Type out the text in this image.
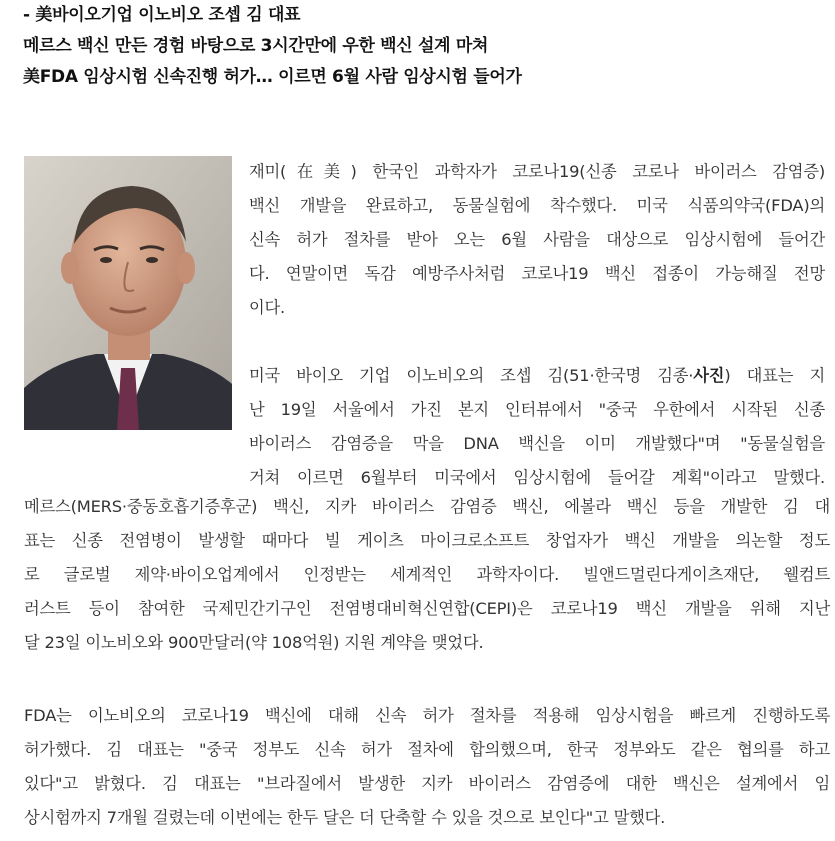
- 美바이오기업 이노비오 조셉 김 대표
메르스 백신 만든 경험 바탕으로 3시간만에 우한 백신 설계 마쳐
美FDA 임상시험 신속진행 허가… 이르면 6월 사람 임상시험 들어가
재미(在美) 한국인 과학자가 코로나19(신종 코로나 바이러스 감염증)
백신 개발을 완료하고, 동물실험에 착수했다. 미국 식품의약국(FDA)의
신속 허가 절차를 받아 오는 6월 사람을 대상으로 임상시험에 들어간
다. 연말이면 독감 예방주사처럼 코로나19 백신 접종이 가능해질 전망
이다.
미국 바이오 기업 이노비오의 조셉 김(51·한국명 김종·사진) 대표는 지
난 19일 서울에서 가진 본지 인터뷰에서 "중국 우한에서 시작된 신종
바이러스 감염증을 막을 DNA 백신을 이미 개발했다"며 "동물실험을
거쳐 이르면 6월부터 미국에서 임상시험에 들어갈 계획"이라고 말했다.
메르스(MERS·중동호흡기증후군) 백신, 지카 바이러스 감염증 백신, 에볼라 백신 등을 개발한 김 대
표는 신종 전염병이 발생할 때마다 빌 게이츠 마이크로소프트 창업자가 백신 개발을 의논할 정도
로 글로벌 제약·바이오업계에서 인정받는 세계적인 과학자이다. 빌앤드멀린다게이츠재단, 웰컴트
러스트 등이 참여한 국제민간기구인 전염병대비혁신연합(CEPI)은 코로나19 백신 개발을 위해 지난
달 23일 이노비오와 900만달러(약 108억원) 지원 계약을 맺었다.
FDA는 이노비오의 코로나19 백신에 대해 신속 허가 절차를 적용해 임상시험을 빠르게 진행하도록
허가했다. 김 대표는 "중국 정부도 신속 허가 절차에 합의했으며, 한국 정부와도 같은 협의를 하고
있다"고 밝혔다. 김 대표는 "브라질에서 발생한 지카 바이러스 감염증에 대한 백신은 설계에서 임
상시험까지 7개월 걸렸는데 이번에는 한두 달은 더 단축할 수 있을 것으로 보인다"고 말했다.
